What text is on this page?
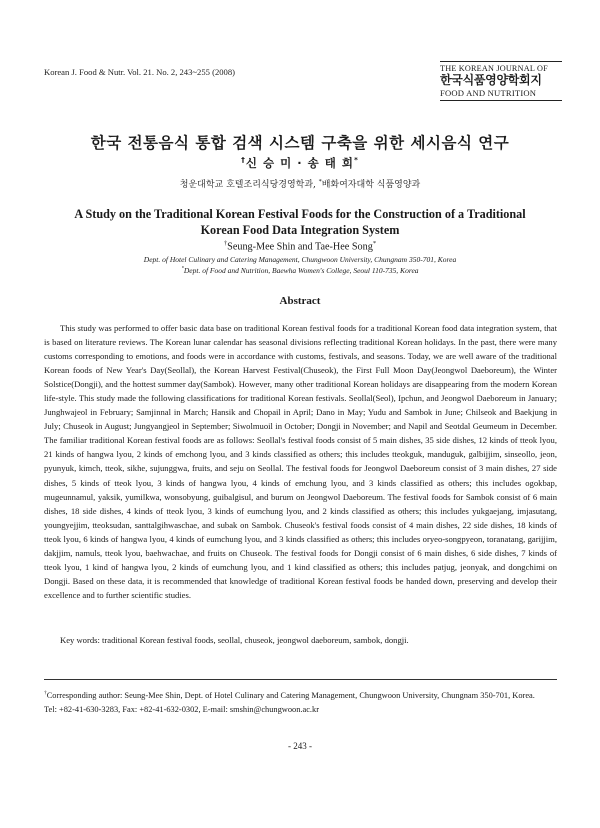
Korean J. Food & Nutr. Vol. 21. No. 2, 243~255 (2008)	THE KOREAN JOURNAL OF
한국식품영양학회지
FOOD AND NUTRITION
한국 전통음식 통합 검색 시스템 구축을 위한 세시음식 연구
†신 승 미 · 송 태 희*
청운대학교 호텔조리식당경영학과, *배화여자대학 식품영양과
A Study on the Traditional Korean Festival Foods for the Construction of a Traditional Korean Food Data Integration System
†Seung-Mee Shin and Tae-Hee Song*
Dept. of Hotel Culinary and Catering Management, Chungwoon University, Chungnam 350-701, Korea
*Dept. of Food and Nutrition, Baewha Women's College, Seoul 110-735, Korea
Abstract
This study was performed to offer basic data base on traditional Korean festival foods for a traditional Korean food data integration system, that is based on literature reviews. The Korean lunar calendar has seasonal divisions reflecting traditional Korean holidays. In the past, there were many customs corresponding to emotions, and foods were in accordance with customs, festivals, and seasons. Today, we are well aware of the traditional Korean foods of New Year's Day(Seollal), the Korean Harvest Festival(Chuseok), the First Full Moon Day(Jeongwol Daeboreum), the Winter Solstice(Dongji), and the hottest summer day(Sambok). However, many other traditional Korean holidays are disappearing from the modern Korean life-style. This study made the following classifications for traditional Korean festivals. Seollal(Seol), Ipchun, and Jeongwol Daeboreum in January; Junghwajeol in February; Samjinnal in March; Hansik and Chopail in April; Dano in May; Yudu and Sambok in June; Chilseok and Baekjung in July; Chuseok in August; Jungyangjeol in September; Siwolmuoil in October; Dongji in November; and Napil and Seotdal Geumeum in December. The familiar traditional Korean festival foods are as follows: Seollal's festival foods consist of 5 main dishes, 35 side dishes, 12 kinds of tteok lyou, 21 kinds of hangwa lyou, 2 kinds of emchong lyou, and 3 kinds classified as others; this includes tteokguk, manduguk, galbijjim, sinseollo, jeon, pyunyuk, kimch, tteok, sikhe, sujunggwa, fruits, and seju on Seollal. The festival foods for Jeongwol Daeboreum consist of 3 main dishes, 27 side dishes, 5 kinds of tteok lyou, 3 kinds of hangwa lyou, 4 kinds of emchung lyou, and 3 kinds classified as others; this includes ogokbap, mugeunnamul, yaksik, yumilkwa, wonsobyung, guibalgisul, and burum on Jeongwol Daeboreum. The festival foods for Sambok consist of 6 main dishes, 18 side dishes, 4 kinds of tteok lyou, 3 kinds of eumchung lyou, and 2 kinds classified as others; this includes yukgaejang, imjasutang, youngyejjim, tteoksudan, santtalgihwaschae, and subak on Sambok. Chuseok's festival foods consist of 4 main dishes, 22 side dishes, 18 kinds of tteok lyou, 6 kinds of hangwa lyou, 4 kinds of eumchung lyou, and 3 kinds classified as others; this includes oryeo-songpyeon, toranatang, garijjim, dakjjim, namuls, tteok lyou, baehwachae, and fruits on Chuseok. The festival foods for Dongji consist of 6 main dishes, 6 side dishes, 7 kinds of tteok lyou, 1 kind of hangwa lyou, 2 kinds of eumchung lyou, and 1 kind classified as others; this includes patjug, jeonyak, and dongchimi on Dongji. Based on these data, it is recommended that knowledge of traditional Korean festival foods be handed down, preserving and develop their excellence and to further scientific studies.
Key words: traditional Korean festival foods, seollal, chuseok, jeongwol daeboreum, sambok, dongji.
†Corresponding author: Seung-Mee Shin, Dept. of Hotel Culinary and Catering Management, Chungwoon University, Chungnam 350-701, Korea.
Tel: +82-41-630-3283, Fax: +82-41-632-0302, E-mail: smshin@chungwoon.ac.kr
- 243 -
